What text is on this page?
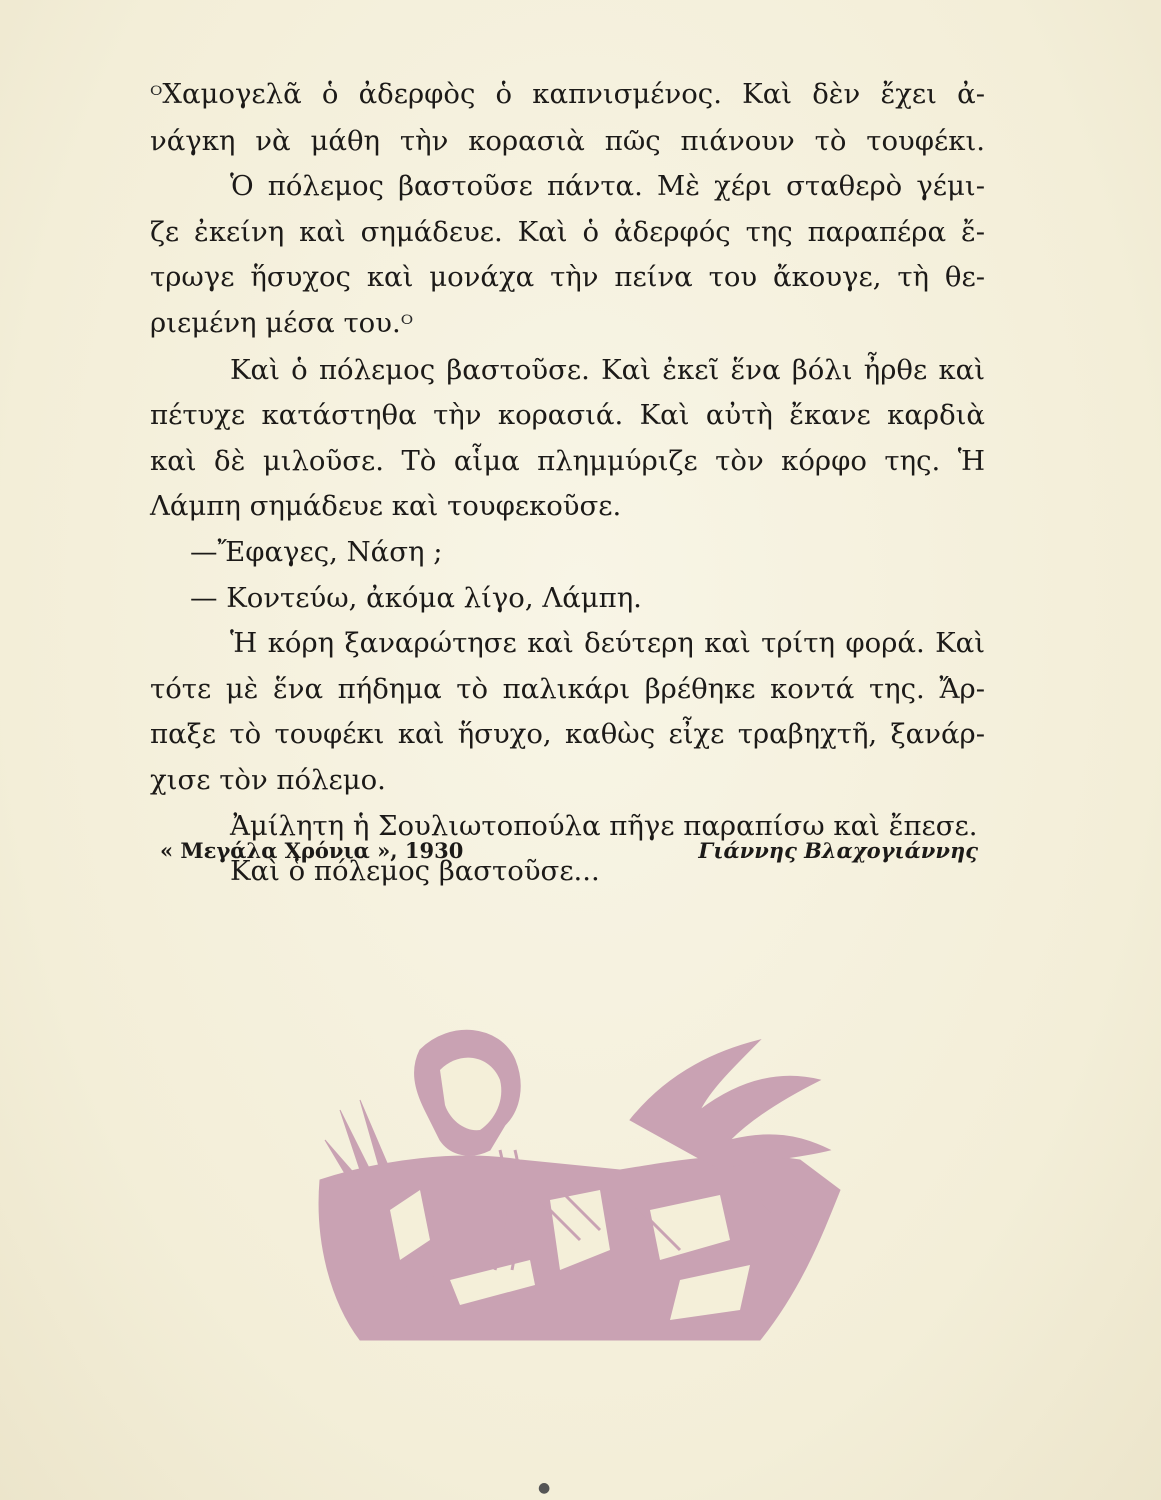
ᴼΧαμογελᾶ ὁ ἀδερφὸς ὁ καπνισμένος. Καὶ δὲν ἔχει ἀ-
νάγκη νὰ μάθη τὴν κορασιὰ πῶς πιάνουν τὸ τουφέκι.
Ὁ πόλεμος βαστοῦσε πάντα. Μὲ χέρι σταθερὸ γέμι-
ζε ἐκείνη καὶ σημάδευε. Καὶ ὁ ἀδερφός της παραπέρα ἔ-
τρωγε ἥσυχος καὶ μονάχα τὴν πείνα του ἄκουγε, τὴ θε-
ριεμένη μέσα του.ᴼ
Καὶ ὁ πόλεμος βαστοῦσε. Καὶ ἐκεῖ ἕνα βόλι ἦρθε καὶ
πέτυχε κατάστηθα τὴν κορασιά. Καὶ αὐτὴ ἔκανε καρδιὰ
καὶ δὲ μιλοῦσε. Τὸ αἷμα πλημμύριζε τὸν κόρφο της. Ἡ
Λάμπη σημάδευε καὶ τουφεκοῦσε.
—Ἔφαγες, Νάση ;
— Κοντεύω, ἀκόμα λίγο, Λάμπη.
Ἡ κόρη ξαναρώτησε καὶ δεύτερη καὶ τρίτη φορά. Καὶ
τότε μὲ ἕνα πήδημα τὸ παλικάρι βρέθηκε κοντά της. Ἄρ-
παξε τὸ τουφέκι καὶ ἥσυχο, καθὼς εἶχε τραβηχτῆ, ξανάρ-
χισε τὸν πόλεμο.
Ἀμίλητη ἡ Σουλιωτοπούλα πῆγε παραπίσω καὶ ἔπεσε.
Καὶ ὁ πόλεμος βαστοῦσε...
« Μεγάλα Χρόνια », 1930	Γιάννης Βλαχογιάννης
●
